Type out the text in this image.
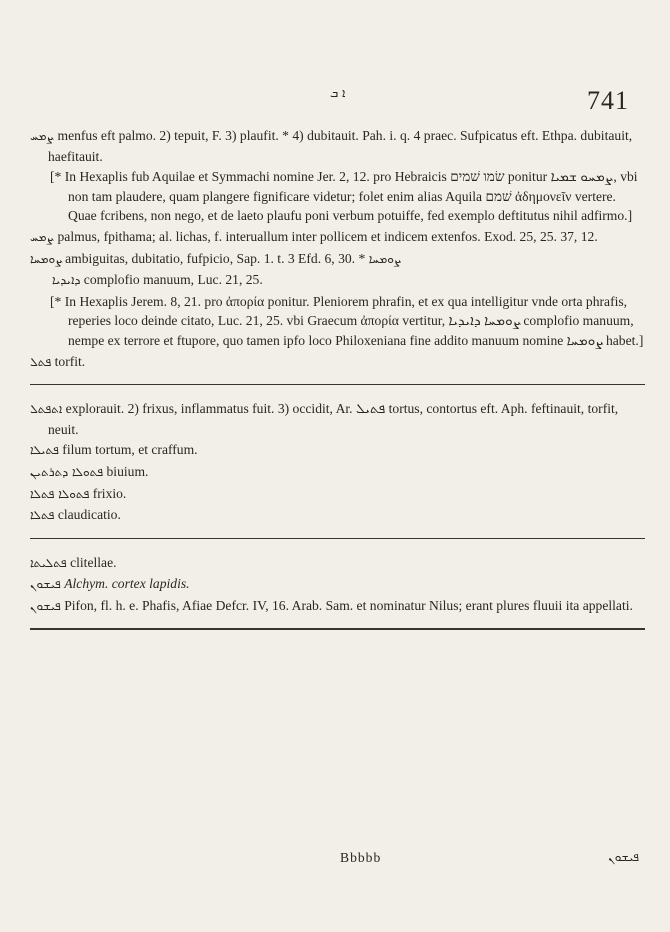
ܐ ܒ	741

ܨܡܚ menfus eft palmo. 2) tepuit, F. 3) plaufit. * 4) dubitauit. Pah. i. q. 4 praec. Sufpicatus eft. Ethpa. dubitauit, haefitauit.

[* In Hexaplis fub Aquilae et Symmachi nomine Jer. 2, 12. pro Hebraicis שׂמו שׁמים ponitur ܨܡܚܘ ܫܡܝܐ, vbi non tam plaudere, quam plangere fignificare videtur; folet enim alias Aquila שׁמם ἀδημονεῖν vertere. Quae fcribens, non nego, et de laeto plaufu poni verbum potuiffe, fed exemplo deftitutus nihil adfirmo.]

ܨܡܚ palmus, fpithama; al. lichas, f. interuallum inter pollicem et indicem extenfos. Exod. 25, 25. 37, 12.

ܨܘܡܚܐ ambiguitas, dubitatio, fufpicio, Sap. 1. t. 3 Efd. 6, 30. * ܨܘܡܚܐ

ܕܐܝܕܝܐ complofio manuum, Luc. 21, 25.

[* In Hexaplis Jerem. 8, 21. pro ἀπορία ponitur. Pleniorem phrafin, et ex qua intelligitur vnde orta phrafis, reperies loco deinde citato, Luc. 21, 25. vbi Graecum ἀπορία vertitur, ܨܘܡܚܐ ܕܐܝܕܝܐ complofio manuum, nempe ex terrore et ftupore, quo tamen ipfo loco Philoxeniana fine addito manuum nomine ܨܘܡܚܐ habet.]

ܦܬܠ torfit.

ܐܬܦܬܠ explorauit. 2) frixus, inflammatus fuit. 3) occidit, Ar. ܦܬܝܠ tortus, contortus eft. Aph. feftinauit, torfit, neuit.

ܦܬܝܠܐ filum tortum, et craffum.

ܦܬܘܠܐ ܕܬܪܬܝܢ biuium.

ܦܬܘܠܐ ܦܬܠܐ frixio.

ܦܬܠܐ claudicatio.

ܦܬܠܝܬܐ clitellae.

ܦܝܫܘܢ Alchym. cortex lapidis.

ܦܝܫܘܢ Pifon, fl. h. e. Phafis, Afiae Defcr. IV, 16. Arab. Sam. et nominatur Nilus; erant plures fluuii ita appellati.

Bbbbb	ܦܝܫܘܢ
